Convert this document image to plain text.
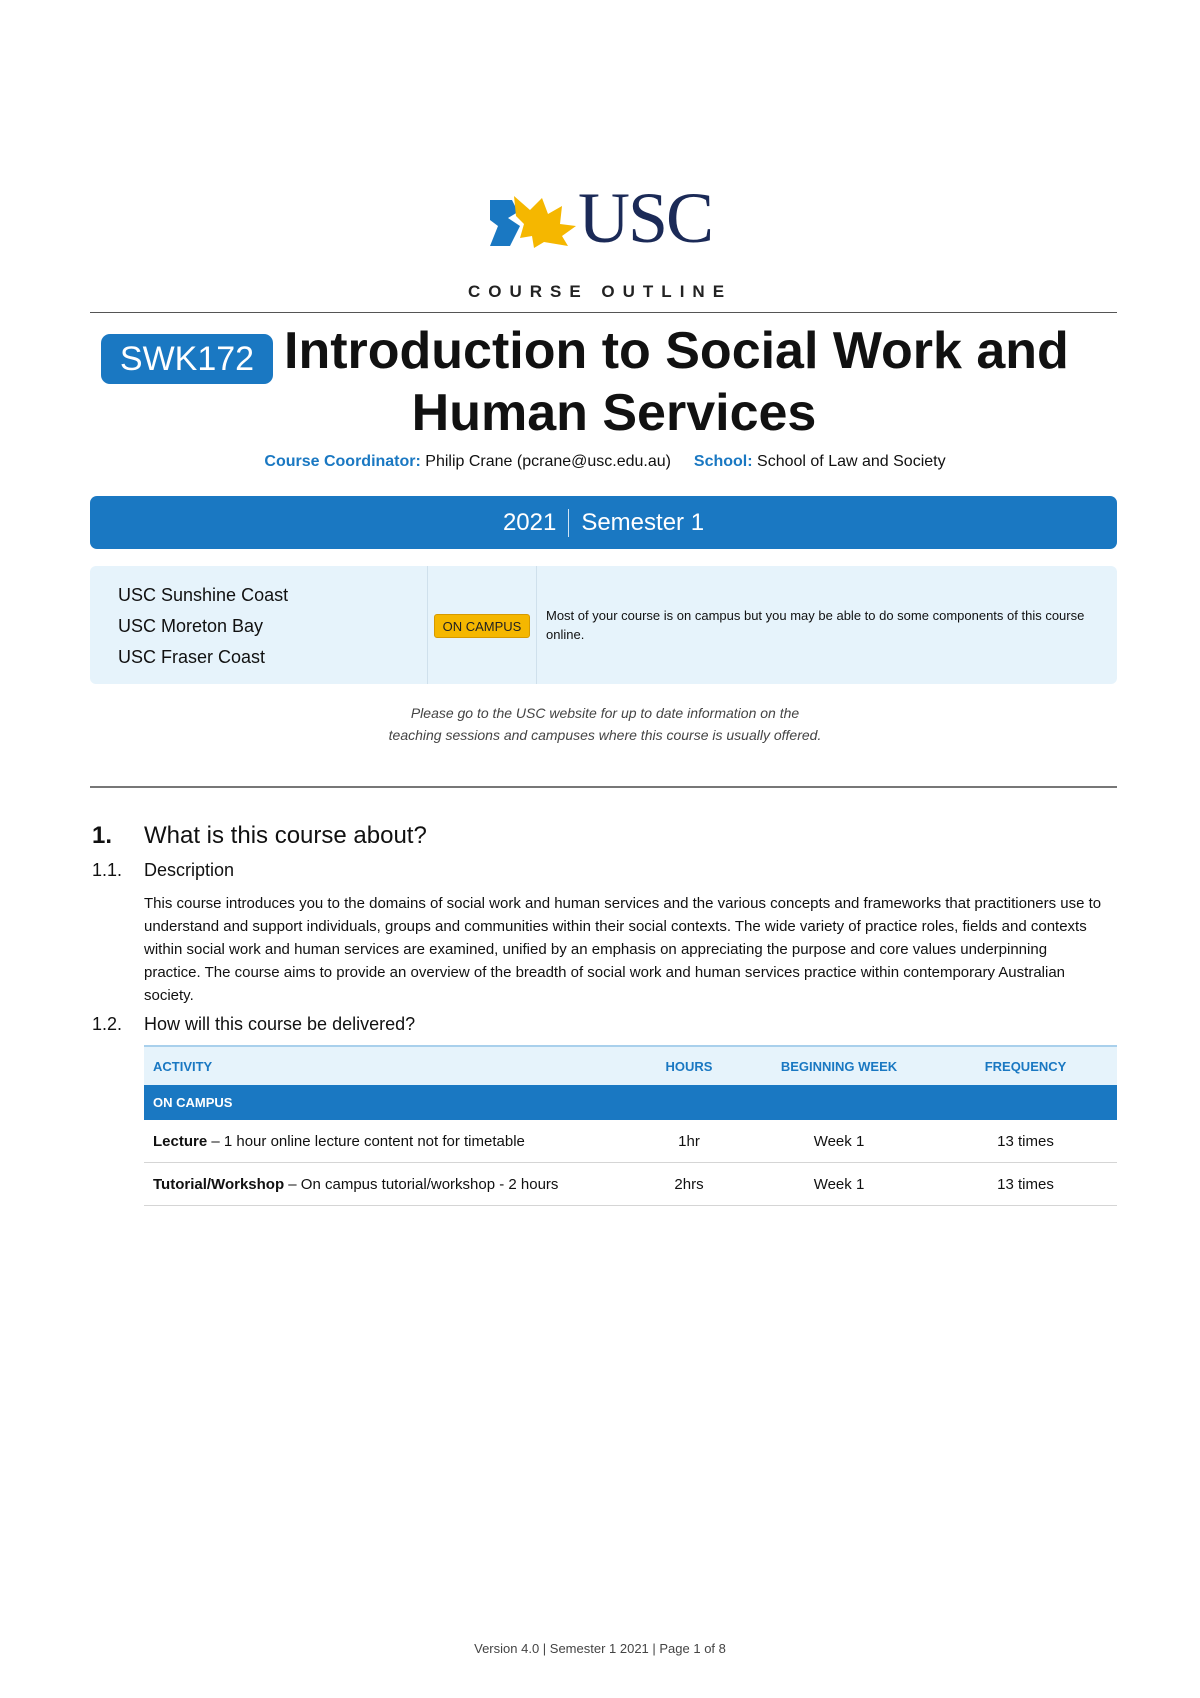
USC
COURSE OUTLINE
SWK172 Introduction to Social Work and
Human Services
Course Coordinator: Philip Crane (pcrane@usc.edu.au) School: School of Law and Society
2021 Semester 1
USC Sunshine Coast
USC Moreton Bay
USC Fraser Coast
ON CAMPUS
Most of your course is on campus but you may be able to do some components of this course online.
Please go to the USC website for up to date information on the
teaching sessions and campuses where this course is usually offered.
1. What is this course about?
1.1. Description
This course introduces you to the domains of social work and human services and the various concepts and frameworks that practitioners use to understand and support individuals, groups and communities within their social contexts. The wide variety of practice roles, fields and contexts within social work and human services are examined, unified by an emphasis on appreciating the purpose and core values underpinning practice. The course aims to provide an overview of the breadth of social work and human services practice within contemporary Australian society.
1.2. How will this course be delivered?
ACTIVITY	HOURS	BEGINNING WEEK	FREQUENCY
ON CAMPUS
Lecture – 1 hour online lecture content not for timetable	1hr	Week 1	13 times
Tutorial/Workshop – On campus tutorial/workshop - 2 hours	2hrs	Week 1	13 times
Version 4.0 | Semester 1 2021 | Page 1 of 8
